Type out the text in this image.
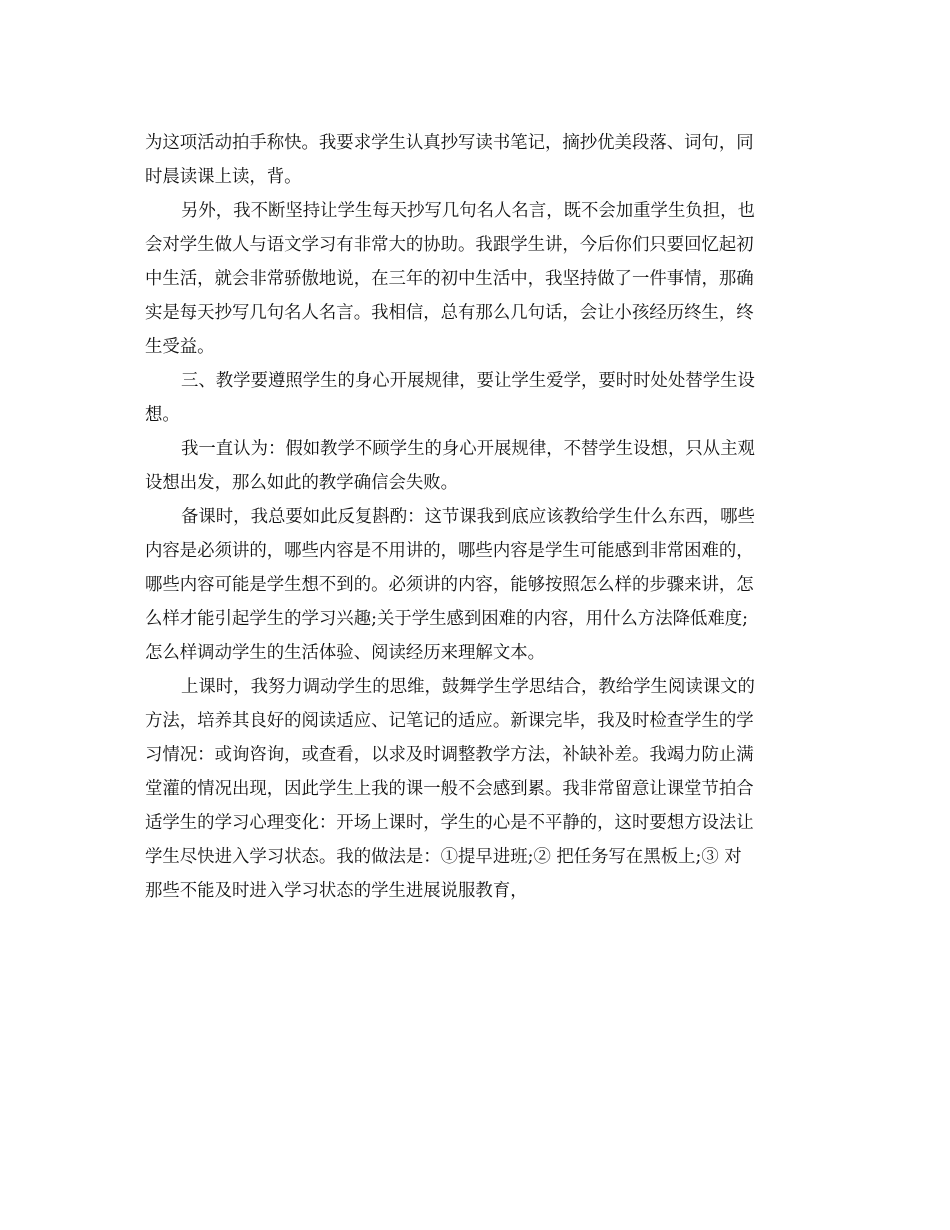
为这项活动拍手称快。我要求学生认真抄写读书笔记，摘抄优美段落、词句，同
时晨读课上读，背。
另外，我不断坚持让学生每天抄写几句名人名言，既不会加重学生负担，也
会对学生做人与语文学习有非常大的协助。我跟学生讲，今后你们只要回忆起初
中生活，就会非常骄傲地说，在三年的初中生活中，我坚持做了一件事情，那确
实是每天抄写几句名人名言。我相信，总有那么几句话，会让小孩经历终生，终
生受益。
三、教学要遵照学生的身心开展规律，要让学生爱学，要时时处处替学生设
想。
我一直认为：假如教学不顾学生的身心开展规律，不替学生设想，只从主观
设想出发，那么如此的教学确信会失败。
备课时，我总要如此反复斟酌：这节课我到底应该教给学生什么东西，哪些
内容是必须讲的，哪些内容是不用讲的，哪些内容是学生可能感到非常困难的，
哪些内容可能是学生想不到的。必须讲的内容，能够按照怎么样的步骤来讲，怎
么样才能引起学生的学习兴趣;关于学生感到困难的内容，用什么方法降低难度;
怎么样调动学生的生活体验、阅读经历来理解文本。
上课时，我努力调动学生的思维，鼓舞学生学思结合，教给学生阅读课文的
方法，培养其良好的阅读适应、记笔记的适应。新课完毕，我及时检查学生的学
习情况：或询咨询，或查看，以求及时调整教学方法，补缺补差。我竭力防止满
堂灌的情况出现，因此学生上我的课一般不会感到累。我非常留意让课堂节拍合
适学生的学习心理变化：开场上课时，学生的心是不平静的，这时要想方设法让
学生尽快进入学习状态。我的做法是：①提早进班;② 把任务写在黑板上;③ 对
那些不能及时进入学习状态的学生进展说服教育，
